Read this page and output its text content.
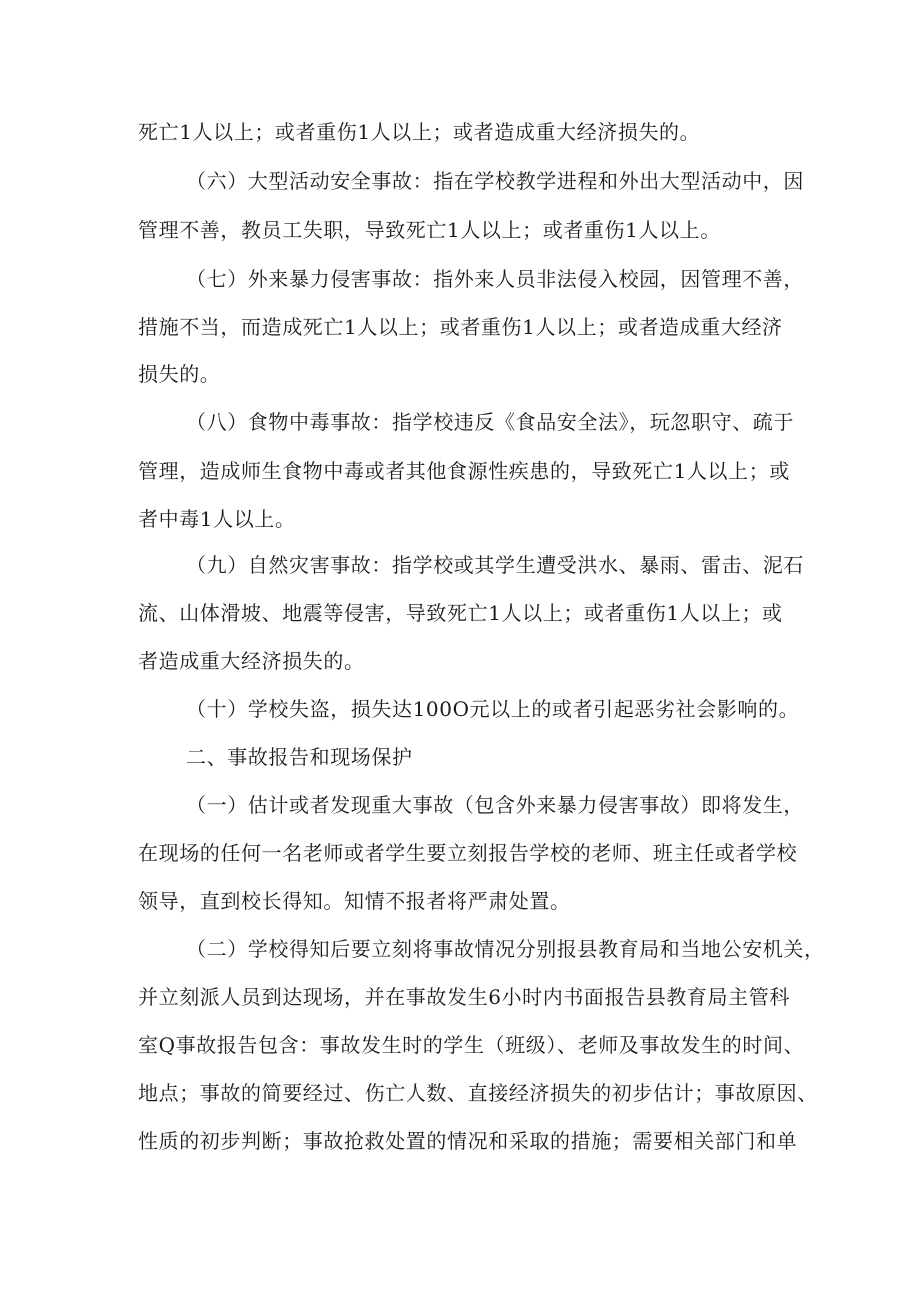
死亡1人以上；或者重伤1人以上；或者造成重大经济损失的。
（六）大型活动安全事故：指在学校教学进程和外出大型活动中，因
管理不善，教员工失职，导致死亡1人以上；或者重伤1人以上。
（七）外来暴力侵害事故：指外来人员非法侵入校园，因管理不善，
措施不当，而造成死亡1人以上；或者重伤1人以上；或者造成重大经济
损失的。
（八）食物中毒事故：指学校违反《食品安全法》，玩忽职守、疏于
管理，造成师生食物中毒或者其他食源性疾患的，导致死亡1人以上；或
者中毒1人以上。
（九）自然灾害事故：指学校或其学生遭受洪水、暴雨、雷击、泥石
流、山体滑坡、地震等侵害，导致死亡1人以上；或者重伤1人以上；或
者造成重大经济损失的。
（十）学校失盗，损失达100O元以上的或者引起恶劣社会影响的。
二、事故报告和现场保护
（一）估计或者发现重大事故（包含外来暴力侵害事故）即将发生，
在现场的任何一名老师或者学生要立刻报告学校的老师、班主任或者学校
领导，直到校长得知。知情不报者将严肃处置。
（二）学校得知后要立刻将事故情况分别报县教育局和当地公安机关，
并立刻派人员到达现场，并在事故发生6小时内书面报告县教育局主管科
室Q事故报告包含：事故发生时的学生（班级）、老师及事故发生的时间、
地点；事故的简要经过、伤亡人数、直接经济损失的初步估计；事故原因、
性质的初步判断；事故抢救处置的情况和采取的措施；需要相关部门和单
